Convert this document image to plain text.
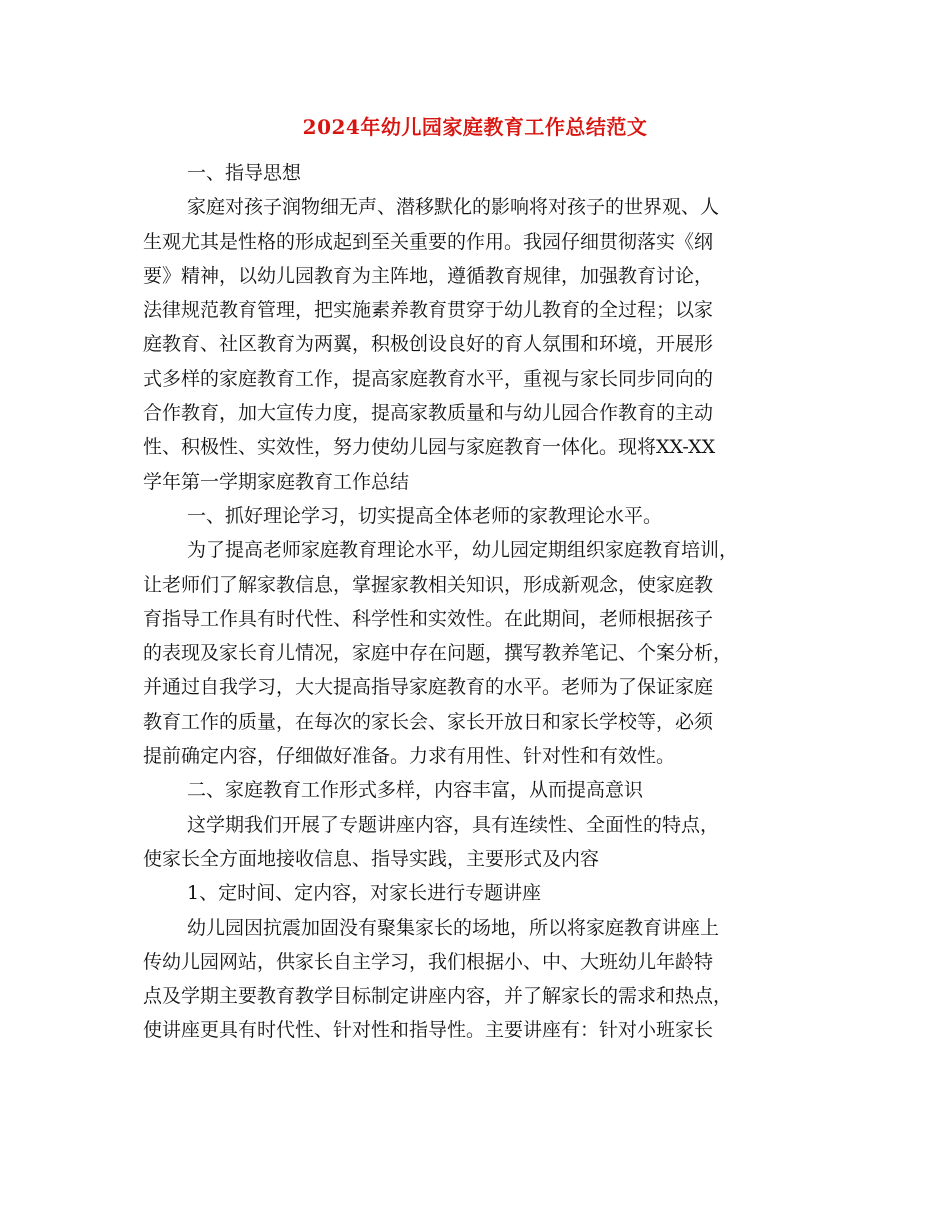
2024年幼儿园家庭教育工作总结范文
一、指导思想
家庭对孩子润物细无声、潜移默化的影响将对孩子的世界观、人
生观尤其是性格的形成起到至关重要的作用。我园仔细贯彻落实《纲
要》精神，以幼儿园教育为主阵地，遵循教育规律，加强教育讨论，
法律规范教育管理，把实施素养教育贯穿于幼儿教育的全过程；以家
庭教育、社区教育为两翼，积极创设良好的育人氛围和环境，开展形
式多样的家庭教育工作，提高家庭教育水平，重视与家长同步同向的
合作教育，加大宣传力度，提高家教质量和与幼儿园合作教育的主动
性、积极性、实效性，努力使幼儿园与家庭教育一体化。现将XX-XX
学年第一学期家庭教育工作总结
一、抓好理论学习，切实提高全体老师的家教理论水平。
为了提高老师家庭教育理论水平，幼儿园定期组织家庭教育培训，
让老师们了解家教信息，掌握家教相关知识，形成新观念，使家庭教
育指导工作具有时代性、科学性和实效性。在此期间，老师根据孩子
的表现及家长育儿情况，家庭中存在问题，撰写教养笔记、个案分析，
并通过自我学习，大大提高指导家庭教育的水平。老师为了保证家庭
教育工作的质量，在每次的家长会、家长开放日和家长学校等，必须
提前确定内容，仔细做好准备。力求有用性、针对性和有效性。
二、家庭教育工作形式多样，内容丰富，从而提高意识
这学期我们开展了专题讲座内容，具有连续性、全面性的特点，
使家长全方面地接收信息、指导实践，主要形式及内容
1、定时间、定内容，对家长进行专题讲座
幼儿园因抗震加固没有聚集家长的场地，所以将家庭教育讲座上
传幼儿园网站，供家长自主学习，我们根据小、中、大班幼儿年龄特
点及学期主要教育教学目标制定讲座内容，并了解家长的需求和热点，
使讲座更具有时代性、针对性和指导性。主要讲座有：针对小班家长
